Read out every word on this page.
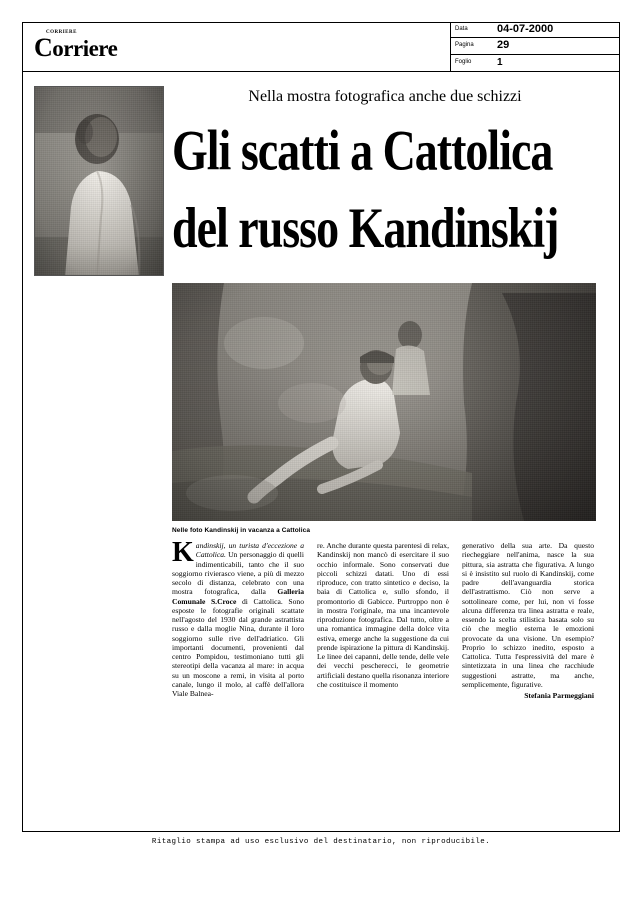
CORRIERE
Corriere
Data	04-07-2000
Pagina 29
Foglio	1
Nella mostra fotografica anche due schizzi
Gli scatti a Cattolica
del russo Kandinskij
Nelle foto Kandinskij in vacanza a Cattolica

Kandinskij, un turista d'eccezione a Cattolica. Un personaggio di quelli indimenticabili, tanto che il suo soggiorno rivierasco viene, a più di mezzo secolo di distanza, celebrato con una mostra fotografica, dalla Galleria Comunale S.Croce di Cattolica. Sono esposte le fotografie originali scattate nell'agosto del 1930 dal grande astrattista russo e dalla moglie Nina, durante il loro soggiorno sulle rive dell'adriatico. Gli importanti documenti, provenienti dal centro Pompidou, testimoniano tutti gli stereotipi della vacanza al mare: in acqua su un moscone a remi, in visita al porto canale, lungo il molo, al caffè dell'allora Viale Balnea-

re. Anche durante questa parentesi di relax, Kandinskij non mancò di esercitare il suo occhio informale. Sono conservati due piccoli schizzi datati. Uno di essi riproduce, con tratto sintetico e deciso, la baia di Cattolica e, sullo sfondo, il promontorio di Gabicce. Purtroppo non è in mostra l'originale, ma una incantevole riproduzione fotografica. Dal tutto, oltre a una romantica immagine della dolce vita estiva, emerge anche la suggestione da cui prende ispirazione la pittura di Kandinskij. Le linee dei capanni, delle tende, delle vele dei vecchi pescherecci, le geometrie artificiali destano quella risonanza interiore che costituisce il momento

generativo della sua arte. Da questo riecheggiare nell'anima, nasce la sua pittura, sia astratta che figurativa. A lungo si è insistito sul ruolo di Kandinskij, come padre dell'avanguardia storica dell'astrattismo. Ciò non serve a sottolineare come, per lui, non vi fosse alcuna differenza tra linea astratta e reale, essendo la scelta stilistica basata solo su ciò che meglio esterna le emozioni provocate da una visione. Un esempio? Proprio lo schizzo inedito, esposto a Cattolica. Tutta l'espressività del mare è sintetizzata in una linea che racchiude suggestioni astratte, ma anche, semplicemente, figurative.

Stefania Parmeggiani
Ritaglio stampa ad uso esclusivo del destinatario, non riproducibile.
